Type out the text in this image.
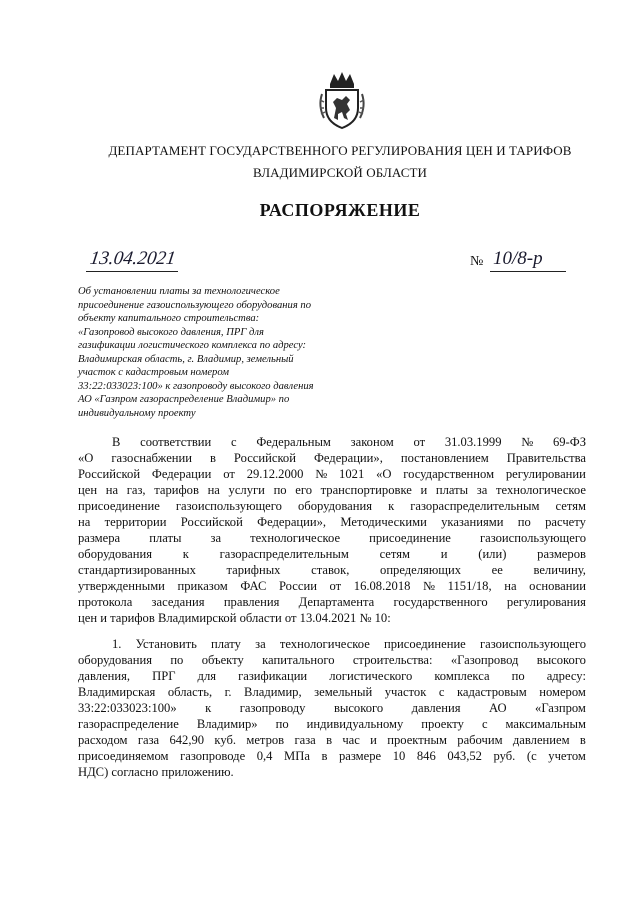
ДЕПАРТАМЕНТ ГОСУДАРСТВЕННОГО РЕГУЛИРОВАНИЯ ЦЕН И ТАРИФОВ
ВЛАДИМИРСКОЙ ОБЛАСТИ
РАСПОРЯЖЕНИЕ
13.04.2021	№ 10/8-р
Об установлении платы за технологическое
присоединение газоиспользующего оборудования по
объекту капитального строительства:
«Газопровод высокого давления, ПРГ для
газификации логистического комплекса по адресу:
Владимирская область, г. Владимир, земельный
участок с кадастровым номером
33:22:033023:100» к газопроводу высокого давления
АО «Газпром газораспределение Владимир» по
индивидуальному проекту
В соответствии с Федеральным законом от 31.03.1999 № 69-ФЗ
«О газоснабжении в Российской Федерации», постановлением Правительства
Российской Федерации от 29.12.2000 № 1021 «О государственном регулировании
цен на газ, тарифов на услуги по его транспортировке и платы за технологическое
присоединение газоиспользующего оборудования к газораспределительным сетям
на территории Российской Федерации», Методическими указаниями по расчету
размера платы за технологическое присоединение газоиспользующего
оборудования к газораспределительным сетям и (или) размеров
стандартизированных тарифных ставок, определяющих ее величину,
утвержденными приказом ФАС России от 16.08.2018 № 1151/18, на основании
протокола заседания правления Департамента государственного регулирования
цен и тарифов Владимирской области от 13.04.2021 № 10:
1. Установить плату за технологическое присоединение газоиспользующего
оборудования по объекту капитального строительства: «Газопровод высокого
давления, ПРГ для газификации логистического комплекса по адресу:
Владимирская область, г. Владимир, земельный участок с кадастровым номером
33:22:033023:100» к газопроводу высокого давления АО «Газпром
газораспределение Владимир» по индивидуальному проекту с максимальным
расходом газа 642,90 куб. метров газа в час и проектным рабочим давлением в
присоединяемом газопроводе 0,4 МПа в размере 10 846 043,52 руб. (с учетом
НДС) согласно приложению.
